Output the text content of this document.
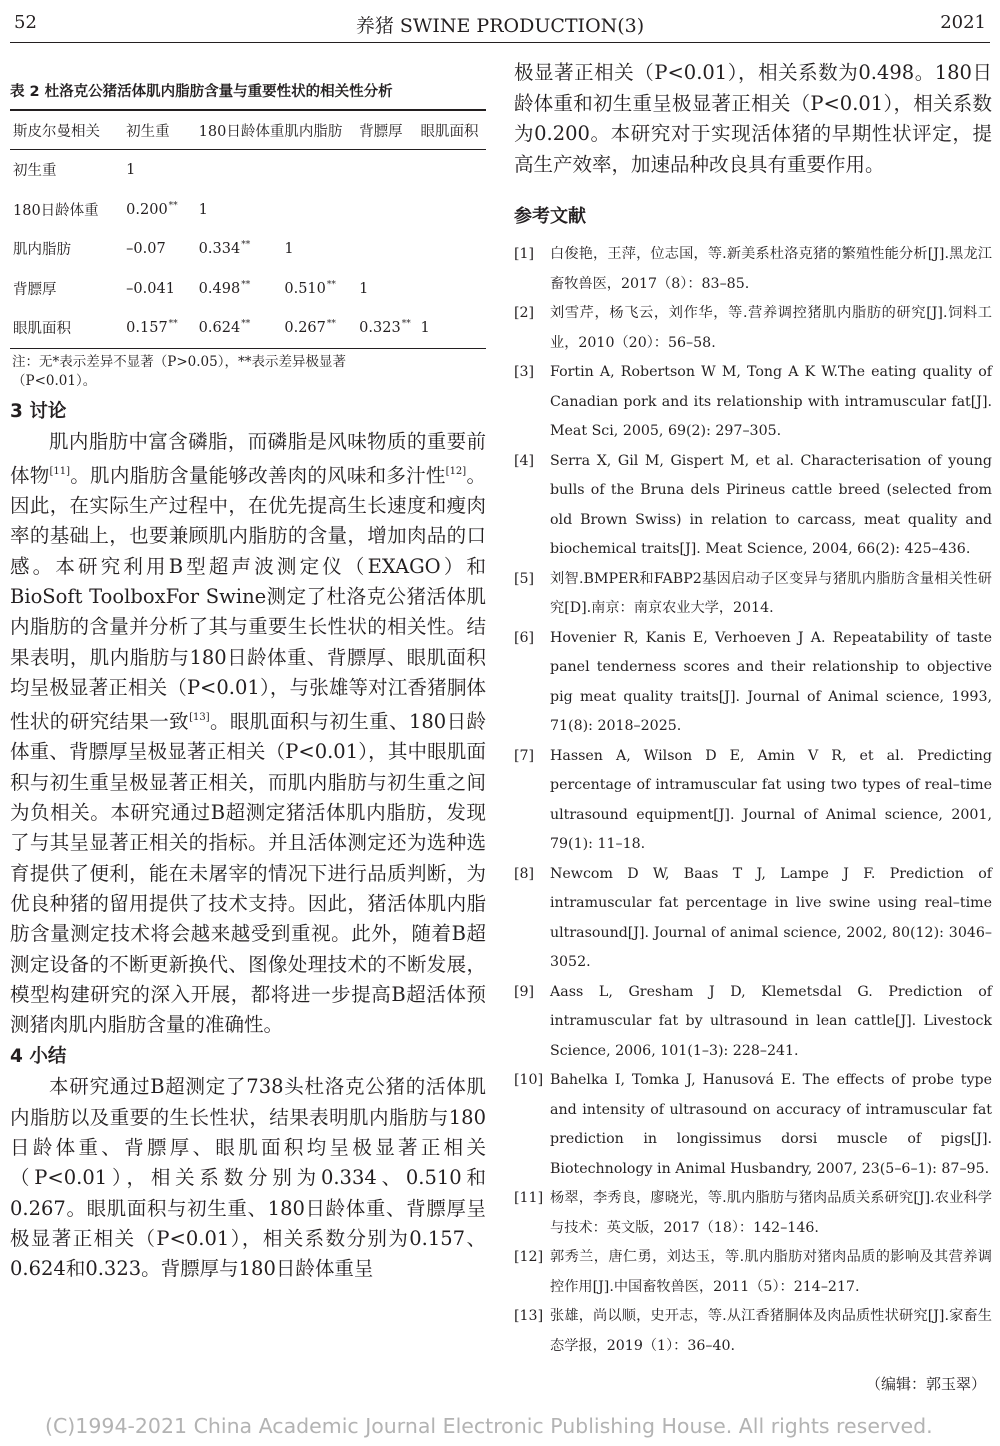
52	养猪 SWINE PRODUCTION(3)	2021
表 2 杜洛克公猪活体肌内脂肪含量与重要性状的相关性分析
斯皮尔曼相关	初生重	180日龄体重	肌内脂肪	背膘厚	眼肌面积

初生重	1				
180日龄体重	0.200**	1			
肌内脂肪	–0.07	0.334**	1		
背膘厚	–0.041	0.498**	0.510**	1	
眼肌面积	0.157**	0.624**	0.267**	0.323**	1
注：无*表示差异不显著（P>0.05），**表示差异极显著
（P<0.01）。
3 讨论
肌内脂肪中富含磷脂，而磷脂是风味物质的重要前体物[11]。肌内脂肪含量能够改善肉的风味和多汁性[12]。因此，在实际生产过程中，在优先提高生长速度和瘦肉率的基础上，也要兼顾肌内脂肪的含量，增加肉品的口感。本研究利用B型超声波测定仪（EXAGO）和BioSoft ToolboxFor Swine测定了杜洛克公猪活体肌内脂肪的含量并分析了其与重要生长性状的相关性。结果表明，肌内脂肪与180日龄体重、背膘厚、眼肌面积均呈极显著正相关（P<0.01），与张雄等对江香猪胴体性状的研究结果一致[13]。眼肌面积与初生重、180日龄体重、背膘厚呈极显著正相关（P<0.01），其中眼肌面积与初生重呈极显著正相关，而肌内脂肪与初生重之间为负相关。本研究通过B超测定猪活体肌内脂肪，发现了与其呈显著正相关的指标。并且活体测定还为选种选育提供了便利，能在未屠宰的情况下进行品质判断，为优良种猪的留用提供了技术支持。因此，猪活体肌内脂肪含量测定技术将会越来越受到重视。此外，随着B超测定设备的不断更新换代、图像处理技术的不断发展，模型构建研究的深入开展，都将进一步提高B超活体预测猪肉肌内脂肪含量的准确性。
4 小结
本研究通过B超测定了738头杜洛克公猪的活体肌内脂肪以及重要的生长性状，结果表明肌内脂肪与180日龄体重、背膘厚、眼肌面积均呈极显著正相关（P<0.01），相关系数分别为0.334、0.510和0.267。眼肌面积与初生重、180日龄体重、背膘厚呈极显著正相关（P<0.01），相关系数分别为0.157、0.624和0.323。背膘厚与180日龄体重呈
极显著正相关（P<0.01），相关系数为0.498。180日龄体重和初生重呈极显著正相关（P<0.01），相关系数为0.200。本研究对于实现活体猪的早期性状评定，提高生产效率，加速品种改良具有重要作用。
参考文献
[1]	白俊艳，王萍，位志国，等.新美系杜洛克猪的繁殖性能分析[J].黑龙江畜牧兽医，2017（8）：83–85.
[2]	刘雪芹，杨飞云，刘作华，等.营养调控猪肌内脂肪的研究[J].饲料工业，2010（20）：56–58.
[3]	Fortin A, Robertson W M, Tong A K W.The eating quality of Canadian pork and its relationship with intramuscular fat[J]. Meat Sci, 2005, 69(2): 297–305.
[4]	Serra X, Gil M, Gispert M, et al. Characterisation of young bulls of the Bruna dels Pirineus cattle breed (selected from old Brown Swiss) in relation to carcass, meat quality and biochemical traits[J]. Meat Science, 2004, 66(2): 425–436.
[5]	刘智.BMPER和FABP2基因启动子区变异与猪肌内脂肪含量相关性研究[D].南京：南京农业大学，2014.
[6]	Hovenier R, Kanis E, Verhoeven J A. Repeatability of taste panel tenderness scores and their relationship to objective pig meat quality traits[J]. Journal of Animal science, 1993, 71(8): 2018–2025.
[7]	Hassen A, Wilson D E, Amin V R, et al. Predicting percentage of intramuscular fat using two types of real–time ultrasound equipment[J]. Journal of Animal science, 2001, 79(1): 11–18.
[8]	Newcom D W, Baas T J, Lampe J F. Prediction of intramuscular fat percentage in live swine using real–time ultrasound[J]. Journal of animal science, 2002, 80(12): 3046–3052.
[9]	Aass L, Gresham J D, Klemetsdal G. Prediction of intramuscular fat by ultrasound in lean cattle[J]. Livestock Science, 2006, 101(1–3): 228–241.
[10] Bahelka I, Tomka J, Hanusová E. The effects of probe type and intensity of ultrasound on accuracy of intramuscular fat prediction in longissimus dorsi muscle of pigs[J]. Biotechnology in Animal Husbandry, 2007, 23(5–6–1): 87–95.
[11] 杨翠，李秀良，廖晓光，等.肌内脂肪与猪肉品质关系研究[J].农业科学与技术：英文版，2017（18）：142–146.
[12] 郭秀兰，唐仁勇，刘达玉，等.肌内脂肪对猪肉品质的影响及其营养调控作用[J].中国畜牧兽医，2011（5）：214–217.
[13] 张雄，尚以顺，史开志，等.从江香猪胴体及肉品质性状研究[J].家畜生态学报，2019（1）：36–40.
（编辑：郭玉翠）
(C)1994-2021 China Academic Journal Electronic Publishing House. All rights reserved.
